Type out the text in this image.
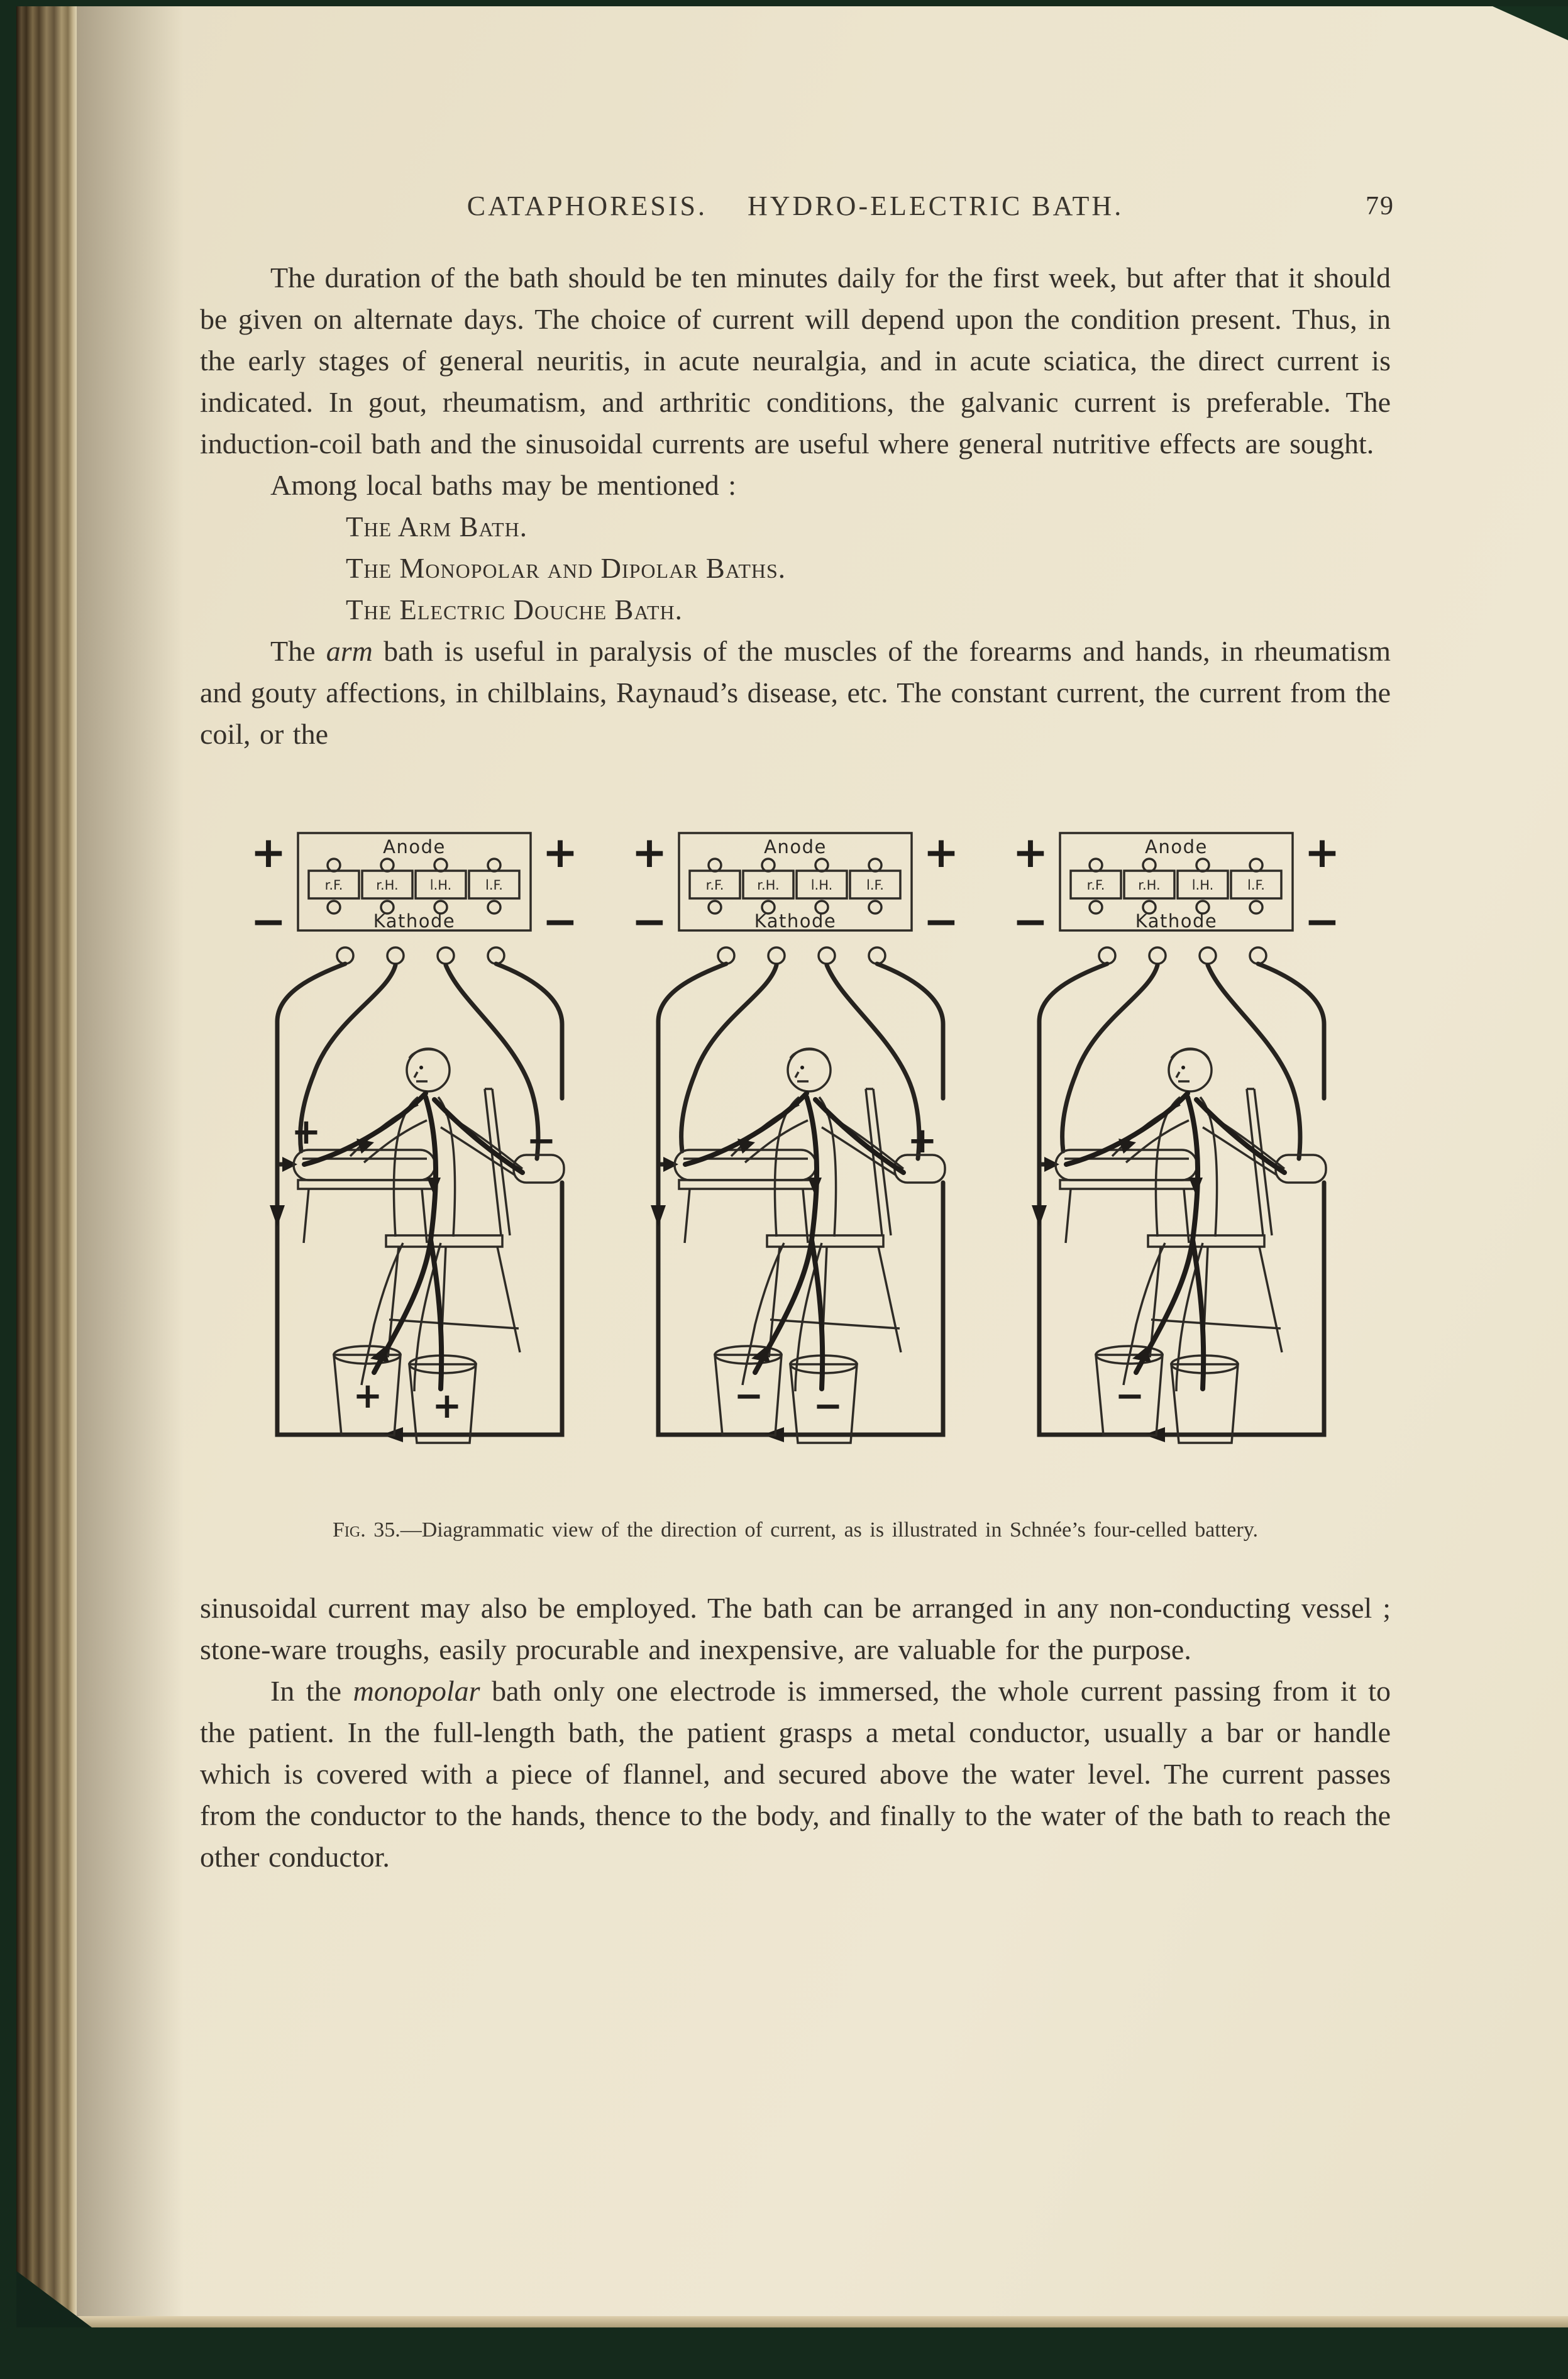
CATAPHORESIS. HYDRO-ELECTRIC BATH.	79

The duration of the bath should be ten minutes daily for the first week, but after that it should be given on alternate days. The choice of current will depend upon the condition present. Thus, in the early stages of general neuritis, in acute neuralgia, and in acute sciatica, the direct current is indicated. In gout, rheumatism, and arthritic conditions, the galvanic current is preferable. The induction-coil bath and the sinusoidal currents are useful where general nutritive effects are sought.

Among local baths may be mentioned :

The Arm Bath.
The Monopolar and Dipolar Baths.
The Electric Douche Bath.

The arm bath is useful in paralysis of the muscles of the forearms and hands, in rheumatism and gouty affections, in chilblains, Raynaud’s disease, etc. The constant current, the current from the coil, or the

+	+
−	−
Anode
r.F.	r.H. l.H.	l.F.
Kathode
+	−
+ +
+	+
−	−
Anode
r.F.	r.H. l.H.	l.F.
Kathode
+
− −
+	+
−	−
Anode
r.F.	r.H. l.H.	l.F.
Kathode
−
Fig. 35.—Diagrammatic view of the direction of current, as is illustrated in Schnée’s four-celled battery.

sinusoidal current may also be employed. The bath can be arranged in any non-conducting vessel ; stone-ware troughs, easily procurable and inexpensive, are valuable for the purpose.

In the monopolar bath only one electrode is immersed, the whole current passing from it to the patient. In the full-length bath, the patient grasps a metal conductor, usually a bar or handle which is covered with a piece of flannel, and secured above the water level. The current passes from the conductor to the hands, thence to the body, and finally to the water of the bath to reach the other conductor.
